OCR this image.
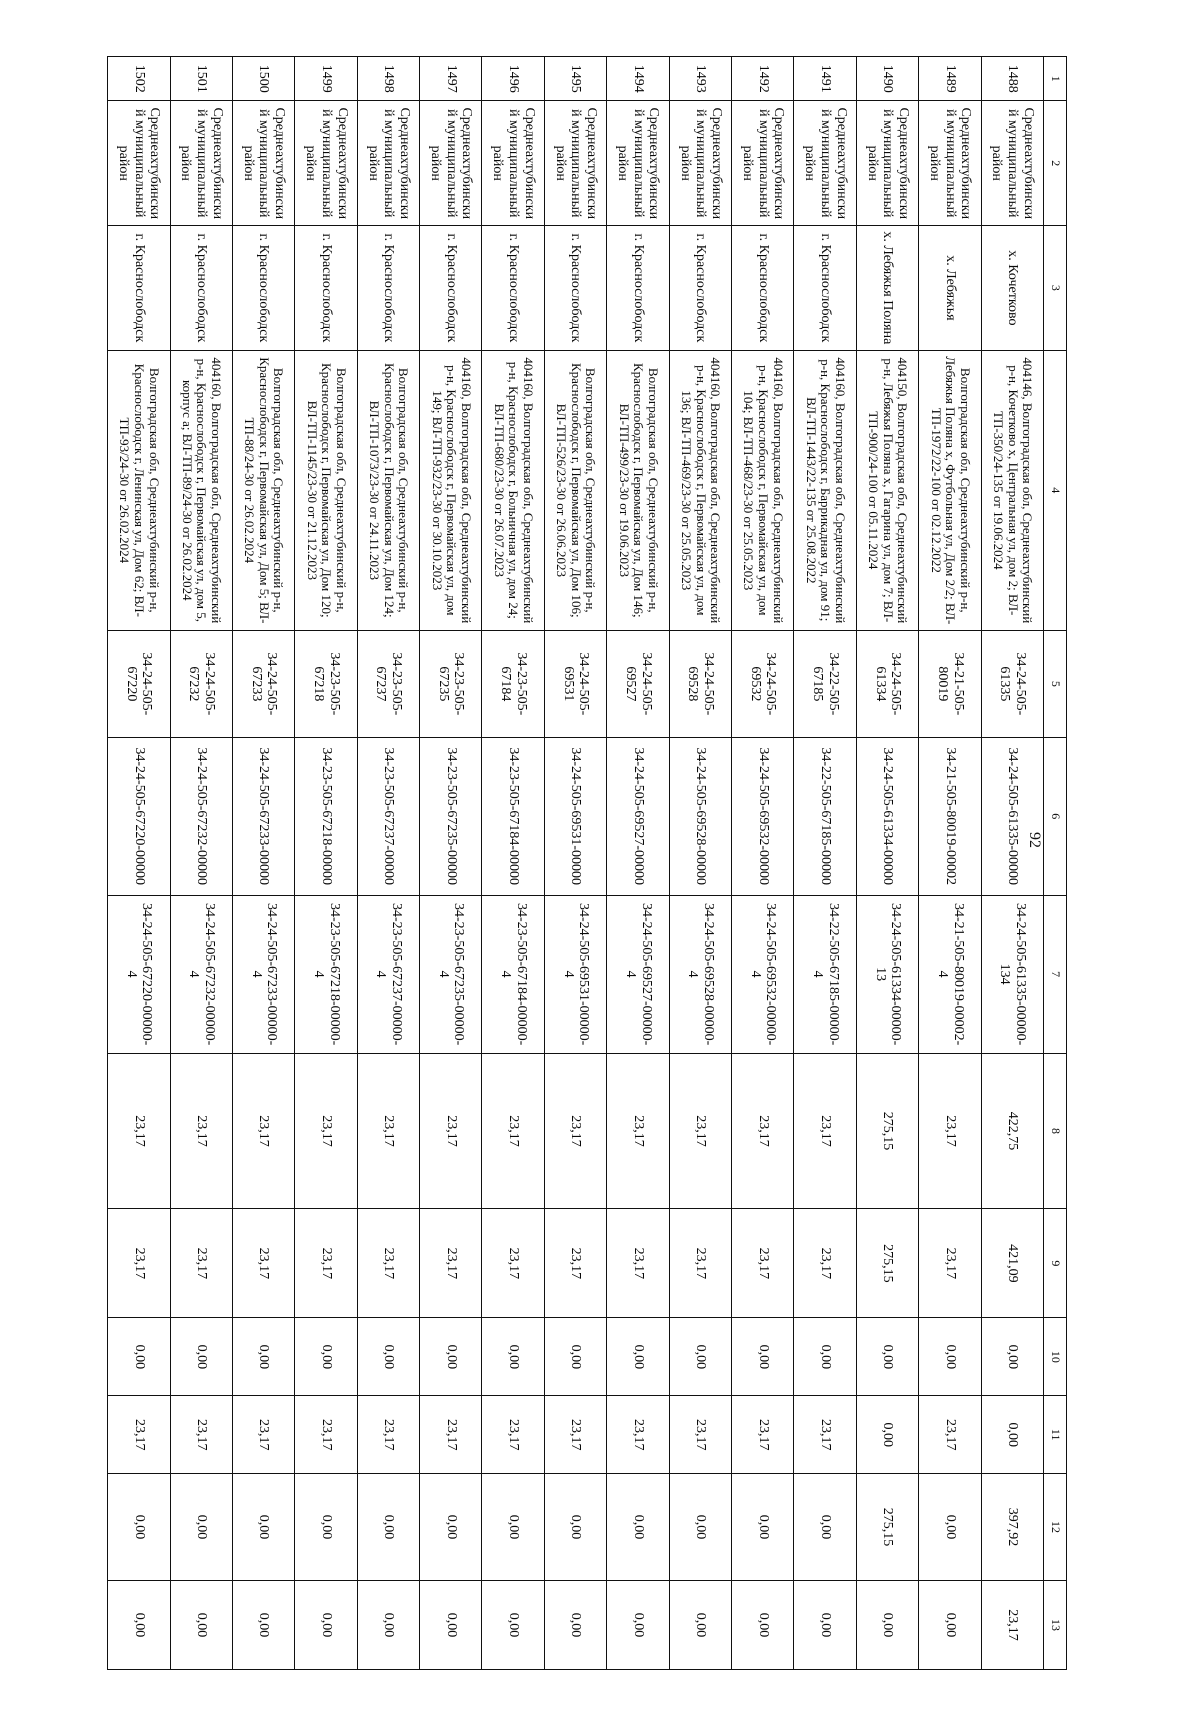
92
1	2	3	4	5	6	7	8	9	10	11	12	13
1488	Среднеахтубинский муниципальный район	х. Кочетково	404146, Волгоградская обл, Среднеахтубинский р-н, Кочетково х, Центральная ул, дом 2; ВЛ-ТП-350/24-135 от 19.06.2024	34-24-505-61335	34-24-505-61335-00000	34-24-505-61335-00000-134	422,75	421,09	0,00	0,00	397,92	23,17
1489	Среднеахтубинский муниципальный район	х. Лебяжья	Волгоградская обл, Среднеахтубинский р-н, Лебяжья Поляна х, Футбольная ул, Дом 2/2; ВЛ-ТП-1972/22-100 от 02.12.2022	34-21-505-80019	34-21-505-80019-00002	34-21-505-80019-00002-4	23,17	23,17	0,00	23,17	0,00	0,00
1490	Среднеахтубинский муниципальный район	х. Лебяжья Поляна	404150, Волгоградская обл, Среднеахтубинский р-н, Лебяжья Поляна х, Гагарина ул, дом 7; ВЛ-ТП-900/24-100 от 05.11.2024	34-24-505-61334	34-24-505-61334-00000	34-24-505-61334-00000-13	275,15	275,15	0,00	0,00	275,15	0,00
1491	Среднеахтубинский муниципальный район	г. Краснослободск	404160, Волгоградская обл, Среднеахтубинский р-н, Краснослободск г, Баррикадная ул, дом 91; ВЛ-ТП-1443/22-135 от 25.08.2022	34-22-505-67185	34-22-505-67185-00000	34-22-505-67185-00000-4	23,17	23,17	0,00	23,17	0,00	0,00
1492	Среднеахтубинский муниципальный район	г. Краснослободск	404160, Волгоградская обл, Среднеахтубинский р-н, Краснослободск г, Первомайская ул, дом 104; ВЛ-ТП-468/23-30 от 25.05.2023	34-24-505-69532	34-24-505-69532-00000	34-24-505-69532-00000-4	23,17	23,17	0,00	23,17	0,00	0,00
1493	Среднеахтубинский муниципальный район	г. Краснослободск	404160, Волгоградская обл, Среднеахтубинский р-н, Краснослободск г, Первомайская ул, дом 136; ВЛ-ТП-469/23-30 от 25.05.2023	34-24-505-69528	34-24-505-69528-00000	34-24-505-69528-00000-4	23,17	23,17	0,00	23,17	0,00	0,00
1494	Среднеахтубинский муниципальный район	г. Краснослободск	Волгоградская обл, Среднеахтубинский р-н, Краснослободск г, Первомайская ул, Дом 146; ВЛ-ТП-499/23-30 от 19.06.2023	34-24-505-69527	34-24-505-69527-00000	34-24-505-69527-00000-4	23,17	23,17	0,00	23,17	0,00	0,00
1495	Среднеахтубинский муниципальный район	г. Краснослободск	Волгоградская обл, Среднеахтубинский р-н, Краснослободск г, Первомайская ул, Дом 106; ВЛ-ТП-526/23-30 от 26.06.2023	34-24-505-69531	34-24-505-69531-00000	34-24-505-69531-00000-4	23,17	23,17	0,00	23,17	0,00	0,00
1496	Среднеахтубинский муниципальный район	г. Краснослободск	404160, Волгоградская обл, Среднеахтубинский р-н, Краснослободск г, Больничная ул, дом 24; ВЛ-ТП-680/23-30 от 26.07.2023	34-23-505-67184	34-23-505-67184-00000	34-23-505-67184-00000-4	23,17	23,17	0,00	23,17	0,00	0,00
1497	Среднеахтубинский муниципальный район	г. Краснослободск	404160, Волгоградская обл, Среднеахтубинский р-н, Краснослободск г, Первомайская ул, дом 149; ВЛ-ТП-932/23-30 от 30.10.2023	34-23-505-67235	34-23-505-67235-00000	34-23-505-67235-00000-4	23,17	23,17	0,00	23,17	0,00	0,00
1498	Среднеахтубинский муниципальный район	г. Краснослободск	Волгоградская обл, Среднеахтубинский р-н, Краснослободск г, Первомайская ул, Дом 124; ВЛ-ТП-1073/23-30 от 24.11.2023	34-23-505-67237	34-23-505-67237-00000	34-23-505-67237-00000-4	23,17	23,17	0,00	23,17	0,00	0,00
1499	Среднеахтубинский муниципальный район	г. Краснослободск	Волгоградская обл, Среднеахтубинский р-н, Краснослободск г, Первомайская ул, Дом 120; ВЛ-ТП-1145/23-30 от 21.12.2023	34-23-505-67218	34-23-505-67218-00000	34-23-505-67218-00000-4	23,17	23,17	0,00	23,17	0,00	0,00
1500	Среднеахтубинский муниципальный район	г. Краснослободск	Волгоградская обл, Среднеахтубинский р-н, Краснослободск г, Первомайская ул, Дом 5; ВЛ-ТП-88/24-30 от 26.02.2024	34-24-505-67233	34-24-505-67233-00000	34-24-505-67233-00000-4	23,17	23,17	0,00	23,17	0,00	0,00
1501	Среднеахтубинский муниципальный район	г. Краснослободск	404160, Волгоградская обл, Среднеахтубинский р-н, Краснослободск г, Первомайская ул, дом 5, корпус а; ВЛ-ТП-89/24-30 от 26.02.2024	34-24-505-67232	34-24-505-67232-00000	34-24-505-67232-00000-4	23,17	23,17	0,00	23,17	0,00	0,00
1502	Среднеахтубинский муниципальный район	г. Краснослободск	Волгоградская обл, Среднеахтубинский р-н, Краснослободск г, Ленинская ул, Дом 62; ВЛ-ТП-93/24-30 от 26.02.2024	34-24-505-67220	34-24-505-67220-00000	34-24-505-67220-00000-4	23,17	23,17	0,00	23,17	0,00	0,00
